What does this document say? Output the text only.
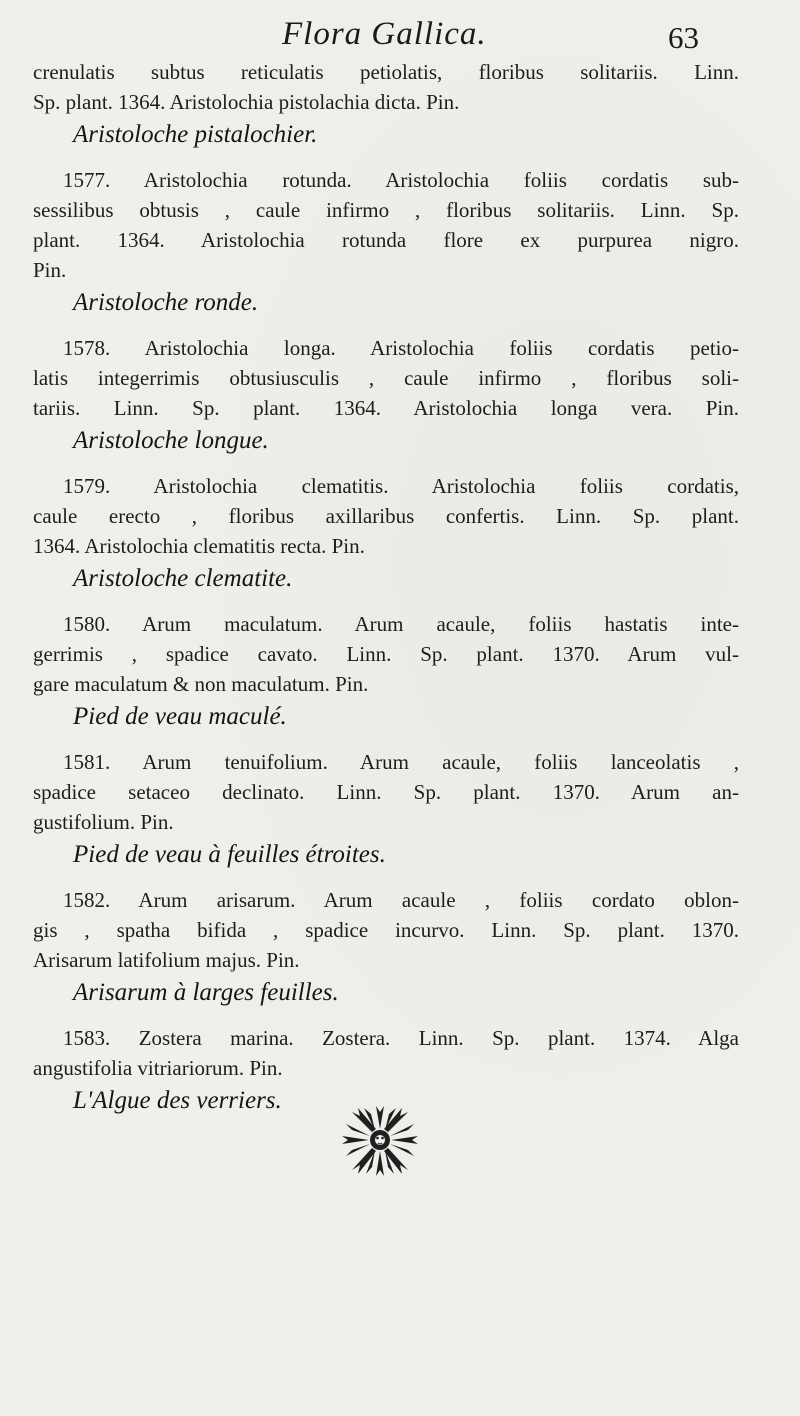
Flora Gallica.	63
crenulatis subtus reticulatis petiolatis, floribus solitariis. Linn.
Sp. plant. 1364. Aristolochia pistolachia dicta. Pin.
Aristoloche pistalochier.
1577. Aristolochia rotunda. Aristolochia foliis cordatis sub-
sessilibus obtusis , caule infirmo , floribus solitariis. Linn. Sp.
plant. 1364. Aristolochia rotunda flore ex purpurea nigro.
Pin.
Aristoloche ronde.
1578. Aristolochia longa. Aristolochia foliis cordatis petio-
latis integerrimis obtusiusculis , caule infirmo , floribus soli-
tariis. Linn. Sp. plant. 1364. Aristolochia longa vera. Pin.
Aristoloche longue.
1579. Aristolochia clematitis. Aristolochia foliis cordatis,
caule erecto , floribus axillaribus confertis. Linn. Sp. plant.
1364. Aristolochia clematitis recta. Pin.
Aristoloche clematite.
1580. Arum maculatum. Arum acaule, foliis hastatis inte-
gerrimis , spadice cavato. Linn. Sp. plant. 1370. Arum vul-
gare maculatum & non maculatum. Pin.
Pied de veau maculé.
1581. Arum tenuifolium. Arum acaule, foliis lanceolatis ,
spadice setaceo declinato. Linn. Sp. plant. 1370. Arum an-
gustifolium. Pin.
Pied de veau à feuilles étroites.
1582. Arum arisarum. Arum acaule , foliis cordato oblon-
gis , spatha bifida , spadice incurvo. Linn. Sp. plant. 1370.
Arisarum latifolium majus. Pin.
Arisarum à larges feuilles.
1583. Zostera marina. Zostera. Linn. Sp. plant. 1374. Alga
angustifolia vitriariorum. Pin.
L'Algue des verriers.
